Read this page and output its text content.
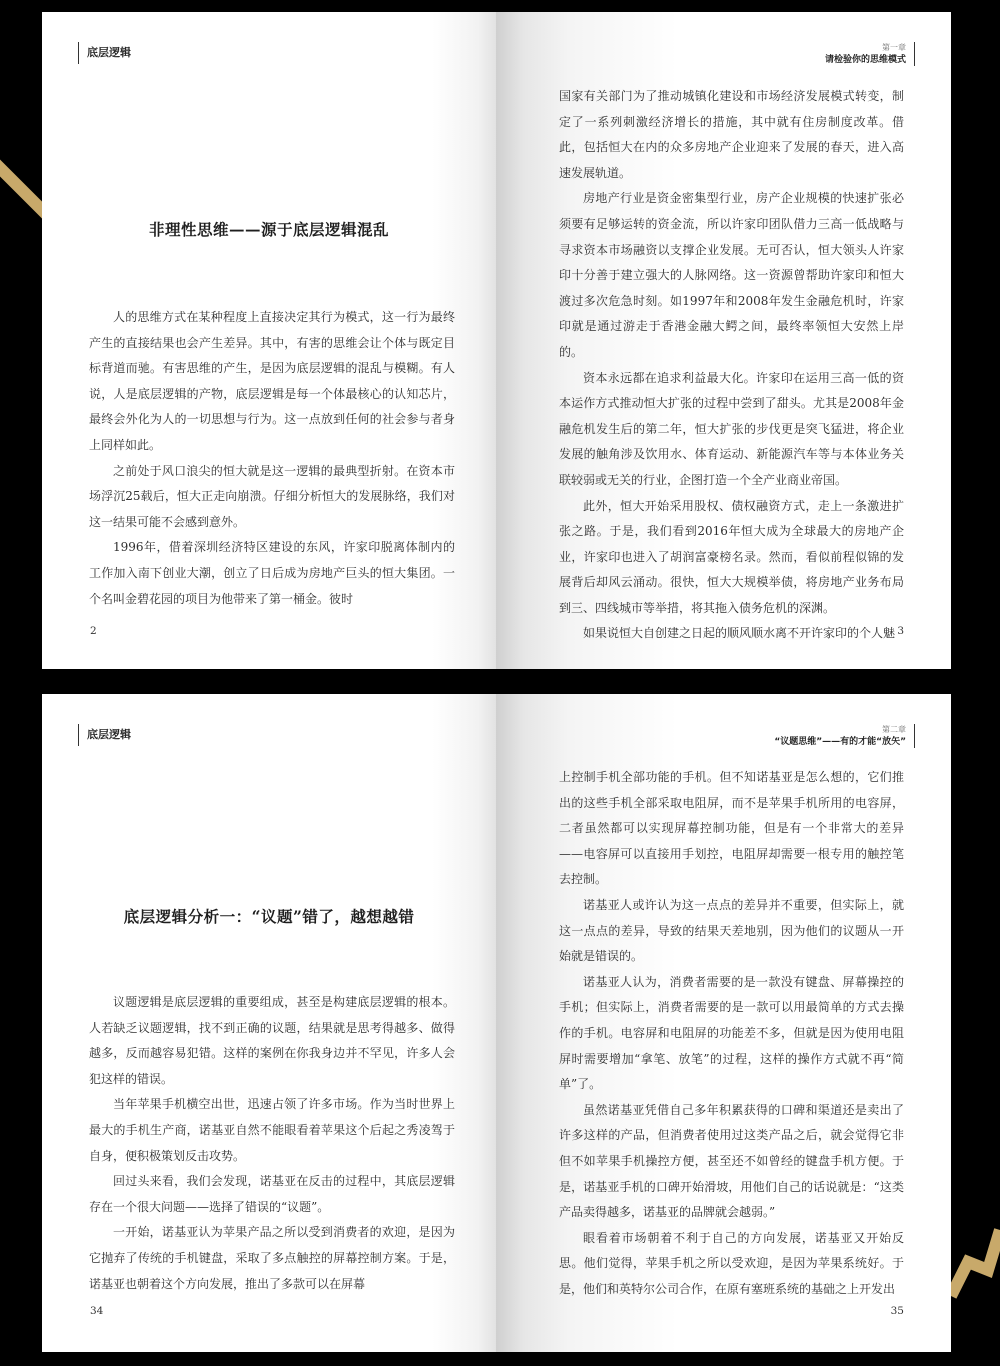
底层逻辑
非理性思维——源于底层逻辑混乱

人的思维方式在某种程度上直接决定其行为模式，这一行为最终产生的直接结果也会产生差异。其中，有害的思维会让个体与既定目标背道而驰。有害思维的产生，是因为底层逻辑的混乱与模糊。有人说，人是底层逻辑的产物，底层逻辑是每一个体最核心的认知芯片，最终会外化为人的一切思想与行为。这一点放到任何的社会参与者身上同样如此。

之前处于风口浪尖的恒大就是这一逻辑的最典型折射。在资本市场浮沉25载后，恒大正走向崩溃。仔细分析恒大的发展脉络，我们对这一结果可能不会感到意外。

1996年，借着深圳经济特区建设的东风，许家印脱离体制内的工作加入南下创业大潮，创立了日后成为房地产巨头的恒大集团。一个名叫金碧花园的项目为他带来了第一桶金。彼时

2
第一章
请检验你的思维模式

国家有关部门为了推动城镇化建设和市场经济发展模式转变，制定了一系列刺激经济增长的措施，其中就有住房制度改革。借此，包括恒大在内的众多房地产企业迎来了发展的春天，进入高速发展轨道。

房地产行业是资金密集型行业，房产企业规模的快速扩张必须要有足够运转的资金流，所以许家印团队借力三高一低战略与寻求资本市场融资以支撑企业发展。无可否认，恒大领头人许家印十分善于建立强大的人脉网络。这一资源曾帮助许家印和恒大渡过多次危急时刻。如1997年和2008年发生金融危机时，许家印就是通过游走于香港金融大鳄之间，最终率领恒大安然上岸的。

资本永远都在追求利益最大化。许家印在运用三高一低的资本运作方式推动恒大扩张的过程中尝到了甜头。尤其是2008年金融危机发生后的第二年，恒大扩张的步伐更是突飞猛进，将企业发展的触角涉及饮用水、体育运动、新能源汽车等与本体业务关联较弱或无关的行业，企图打造一个全产业商业帝国。

此外，恒大开始采用股权、债权融资方式，走上一条激进扩张之路。于是，我们看到2016年恒大成为全球最大的房地产企业，许家印也进入了胡润富豪榜名录。然而，看似前程似锦的发展背后却风云涌动。很快，恒大大规模举债，将房地产业务布局到三、四线城市等举措，将其拖入债务危机的深渊。

如果说恒大自创建之日起的顺风顺水离不开许家印的个人魅 3
底层逻辑
底层逻辑分析一：“议题”错了，越想越错

议题逻辑是底层逻辑的重要组成，甚至是构建底层逻辑的根本。人若缺乏议题逻辑，找不到正确的议题，结果就是思考得越多、做得越多，反而越容易犯错。这样的案例在你我身边并不罕见，许多人会犯这样的错误。

当年苹果手机横空出世，迅速占领了许多市场。作为当时世界上最大的手机生产商，诺基亚自然不能眼看着苹果这个后起之秀凌驾于自身，便积极策划反击攻势。

回过头来看，我们会发现，诺基亚在反击的过程中，其底层逻辑存在一个很大问题——选择了错误的“议题”。

一开始，诺基亚认为苹果产品之所以受到消费者的欢迎，是因为它抛弃了传统的手机键盘，采取了多点触控的屏幕控制方案。于是，诺基亚也朝着这个方向发展，推出了多款可以在屏幕

34
第二章
“议题思维”——有的才能“放矢”

上控制手机全部功能的手机。但不知诺基亚是怎么想的，它们推出的这些手机全部采取电阻屏，而不是苹果手机所用的电容屏，二者虽然都可以实现屏幕控制功能，但是有一个非常大的差异——电容屏可以直接用手划控，电阻屏却需要一根专用的触控笔去控制。

诺基亚人或许认为这一点点的差异并不重要，但实际上，就这一点点的差异，导致的结果天差地别，因为他们的议题从一开始就是错误的。

诺基亚人认为，消费者需要的是一款没有键盘、屏幕操控的手机；但实际上，消费者需要的是一款可以用最简单的方式去操作的手机。电容屏和电阻屏的功能差不多，但就是因为使用电阻屏时需要增加“拿笔、放笔”的过程，这样的操作方式就不再“简单”了。

虽然诺基亚凭借自己多年积累获得的口碑和渠道还是卖出了许多这样的产品，但消费者使用过这类产品之后，就会觉得它非但不如苹果手机操控方便，甚至还不如曾经的键盘手机方便。于是，诺基亚手机的口碑开始滑坡，用他们自己的话说就是：“这类产品卖得越多，诺基亚的品牌就会越弱。”

眼看着市场朝着不利于自己的方向发展，诺基亚又开始反思。他们觉得，苹果手机之所以受欢迎，是因为苹果系统好。于是，他们和英特尔公司合作，在原有塞班系统的基础之上开发出

35
